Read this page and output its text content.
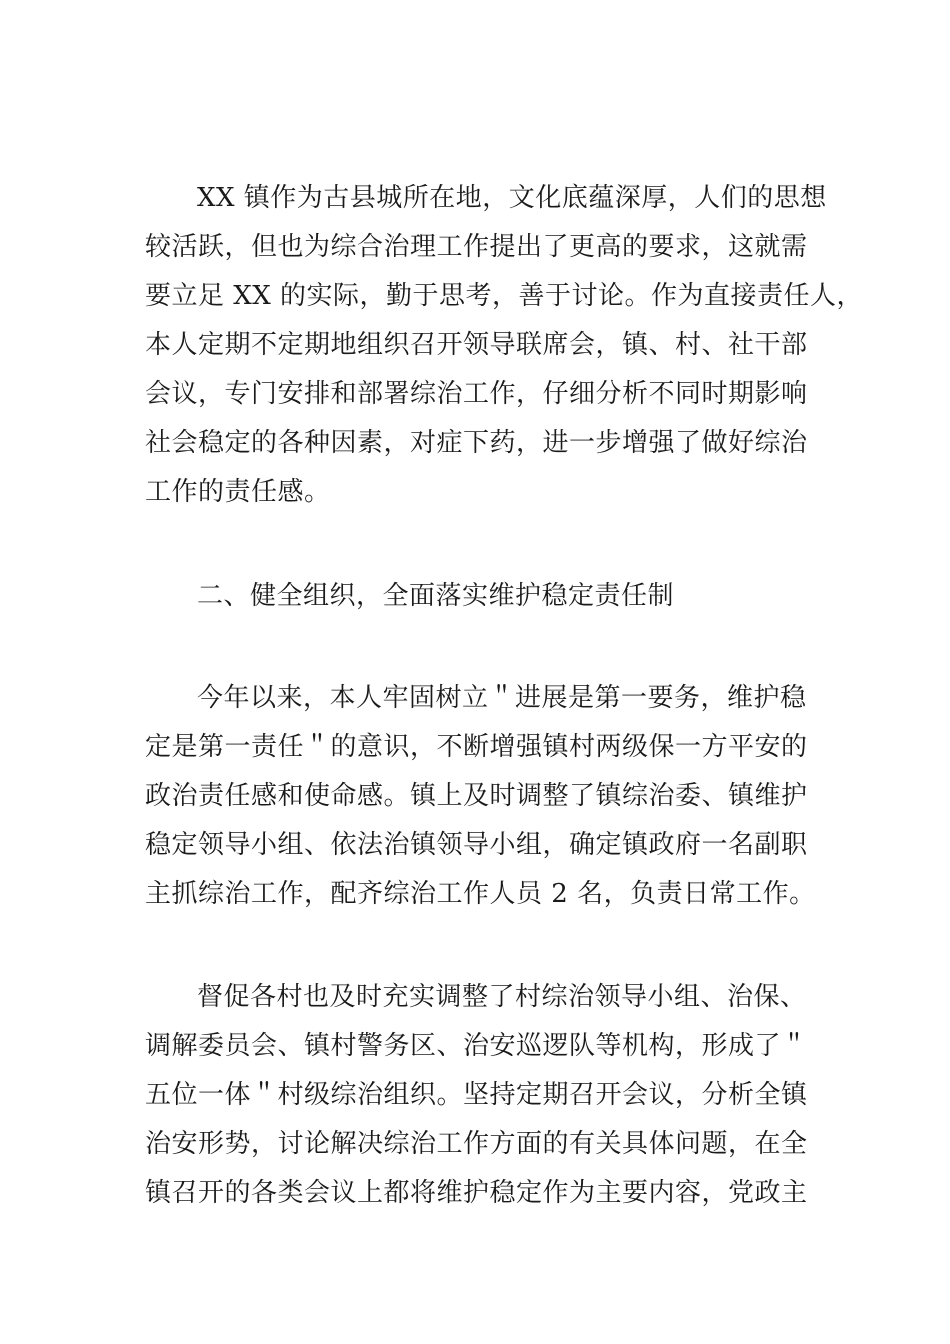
XX 镇作为古县城所在地，文化底蕴深厚，人们的思想
较活跃，但也为综合治理工作提出了更高的要求，这就需
要立足 XX 的实际，勤于思考，善于讨论。作为直接责任人，
本人定期不定期地组织召开领导联席会，镇、村、社干部
会议，专门安排和部署综治工作，仔细分析不同时期影响
社会稳定的各种因素，对症下药，进一步增强了做好综治
工作的责任感。
二、健全组织，全面落实维护稳定责任制
今年以来，本人牢固树立＂进展是第一要务，维护稳
定是第一责任＂的意识，不断增强镇村两级保一方平安的
政治责任感和使命感。镇上及时调整了镇综治委、镇维护
稳定领导小组、依法治镇领导小组，确定镇政府一名副职
主抓综治工作，配齐综治工作人员 2 名，负责日常工作。
督促各村也及时充实调整了村综治领导小组、治保、
调解委员会、镇村警务区、治安巡逻队等机构，形成了＂
五位一体＂村级综治组织。坚持定期召开会议，分析全镇
治安形势，讨论解决综治工作方面的有关具体问题，在全
镇召开的各类会议上都将维护稳定作为主要内容，党政主
